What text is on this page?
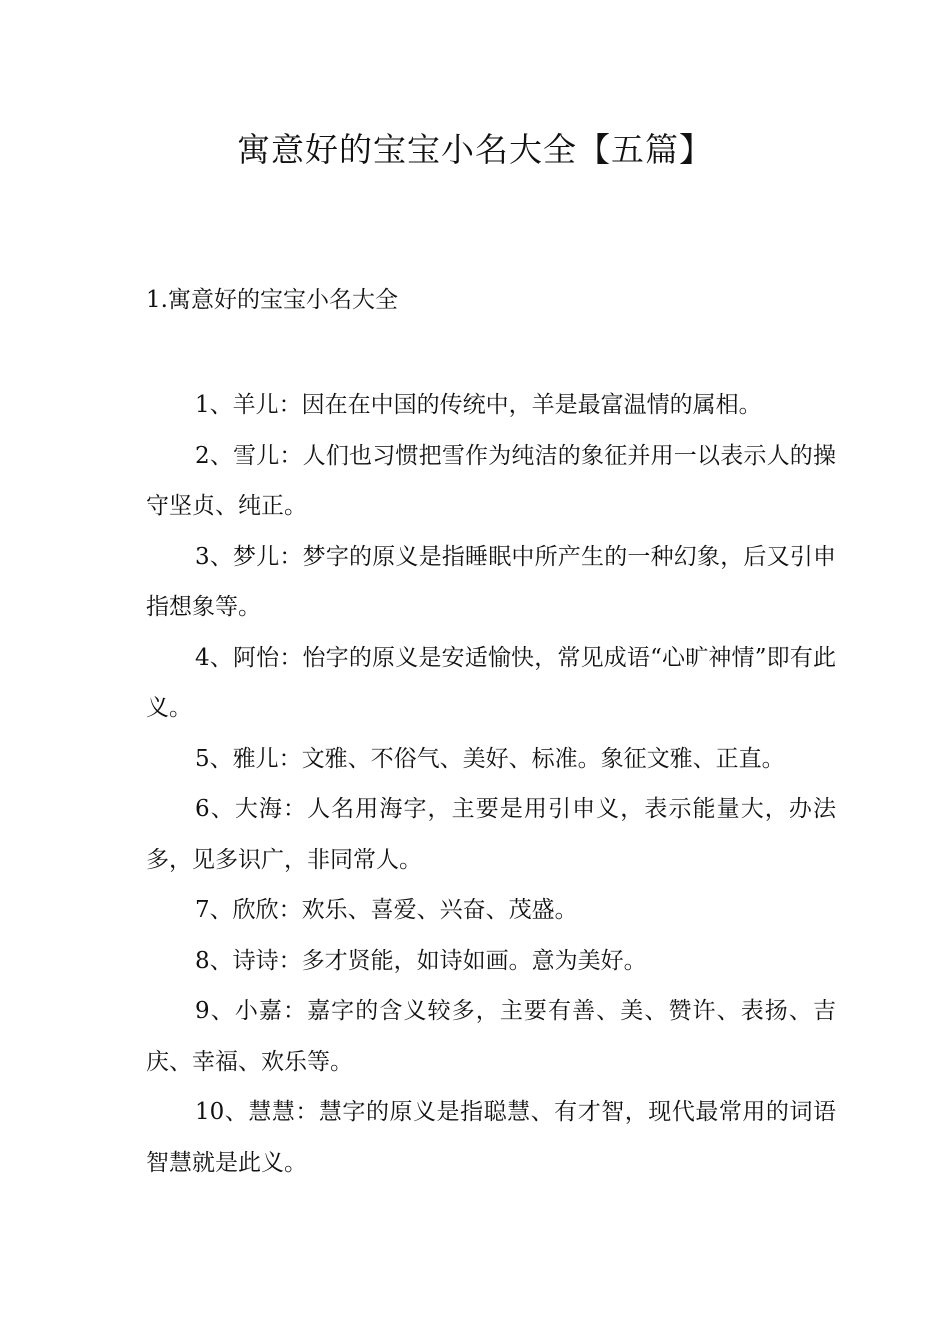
寓意好的宝宝小名大全【五篇】
1.寓意好的宝宝小名大全
1、羊儿：因在在中国的传统中，羊是最富温情的属相。
2、雪儿：人们也习惯把雪作为纯洁的象征并用一以表示人的操守坚贞、纯正。
3、梦儿：梦字的原义是指睡眠中所产生的一种幻象，后又引申指想象等。
4、阿怡：怡字的原义是安适愉快，常见成语“心旷神情”即有此义。
5、雅儿：文雅、不俗气、美好、标准。象征文雅、正直。
6、大海：人名用海字，主要是用引申义，表示能量大，办法多，见多识广，非同常人。
7、欣欣：欢乐、喜爱、兴奋、茂盛。
8、诗诗：多才贤能，如诗如画。意为美好。
9、小嘉：嘉字的含义较多，主要有善、美、赞许、表扬、吉庆、幸福、欢乐等。
10、慧慧：慧字的原义是指聪慧、有才智，现代最常用的词语智慧就是此义。
